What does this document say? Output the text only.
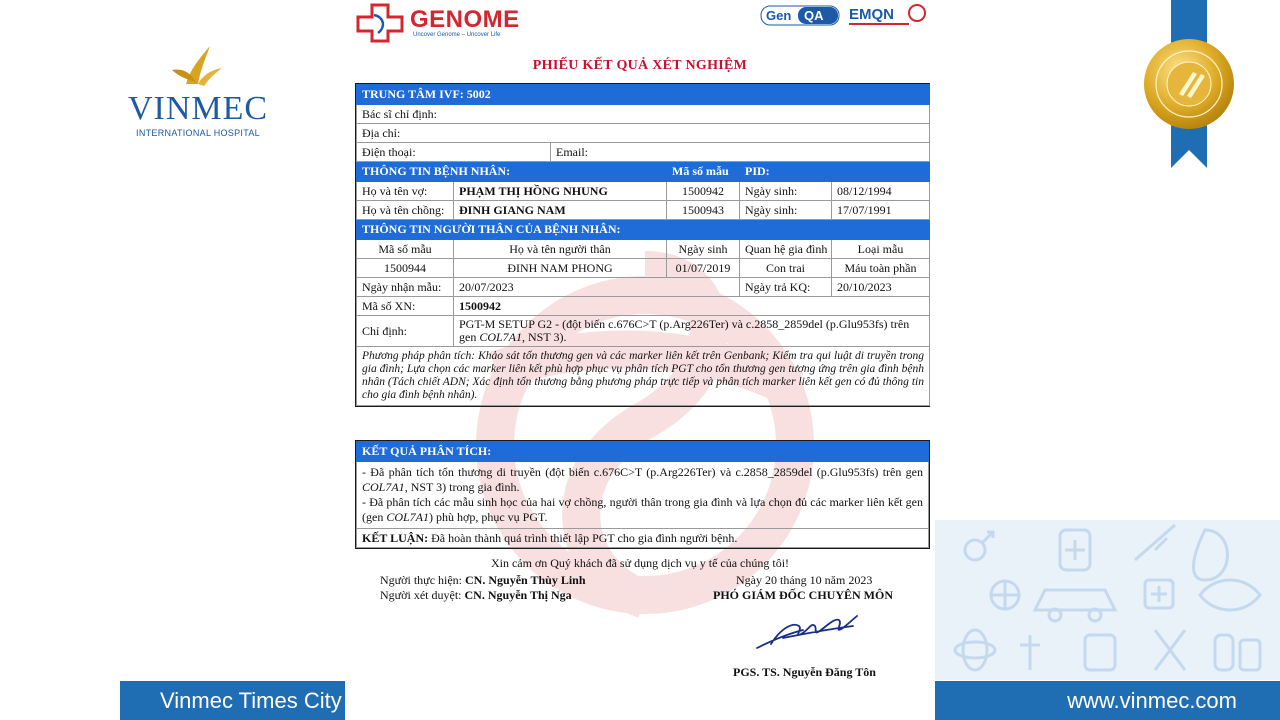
VINMEC
INTERNATIONAL HOSPITAL
Vinmec Times City	www.vinmec.com
GENOME
Uncover Genome – Uncover Life
Gen QA EMQN
PHIẾU KẾT QUẢ XÉT NGHIỆM
TRUNG TÂM IVF: 5002					
Bác sĩ chỉ định:					
Địa chỉ:					
Điện thoại:		Email:			
THÔNG TIN BỆNH NHÂN:			Mã số mẫu	PID:	
Họ và tên vợ:	PHẠM THỊ HỒNG NHUNG		1500942	Ngày sinh:	08/12/1994
Họ và tên chồng:	ĐINH GIANG NAM		1500943	Ngày sinh:	17/07/1991
THÔNG TIN NGƯỜI THÂN CỦA BỆNH NHÂN:					
Mã số mẫu	Họ và tên người thân		Ngày sinh	Quan hệ gia đình	Loại mẫu
1500944	ĐINH NAM PHONG		01/07/2019	Con trai	Máu toàn phần
Ngày nhận mẫu:	20/07/2023			Ngày trả KQ:	20/10/2023
Mã số XN:	1500942				
Chỉ định:	PGT-M SETUP G2 - (đột biến c.676C>T (p.Arg226Ter) và c.2858_2859del (p.Glu953fs) trên gen COL7A1, NST 3).				
Phương pháp phân tích: Khảo sát tổn thương gen và các marker liên kết trên Genbank; Kiểm tra qui luật di truyền trong gia đình; Lựa chọn các marker liên kết phù hợp phục vụ phân tích PGT cho tổn thương gen tương ứng trên gia đình bệnh nhân (Tách chiết ADN; Xác định tổn thương bằng phương pháp trực tiếp và phân tích marker liên kết gen có đủ thông tin cho gia đình bệnh nhân).					
KẾT QUẢ PHÂN TÍCH:
- Đã phân tích tổn thương di truyền (đột biến c.676C>T (p.Arg226Ter) và c.2858_2859del (p.Glu953fs) trên gen COL7A1, NST 3) trong gia đình.
- Đã phân tích các mẫu sinh học của hai vợ chồng, người thân trong gia đình và lựa chọn đủ các marker liên kết gen (gen COL7A1) phù hợp, phục vụ PGT.
KẾT LUẬN: Đã hoàn thành quá trình thiết lập PGT cho gia đình người bệnh.
Xin cảm ơn Quý khách đã sử dụng dịch vụ y tế của chúng tôi!
Người thực hiện: CN. Nguyễn Thùy Linh
Người xét duyệt: CN. Nguyễn Thị Nga
Ngày 20 tháng 10 năm 2023
PHÓ GIÁM ĐỐC CHUYÊN MÔN
PGS. TS. Nguyễn Đăng Tôn
